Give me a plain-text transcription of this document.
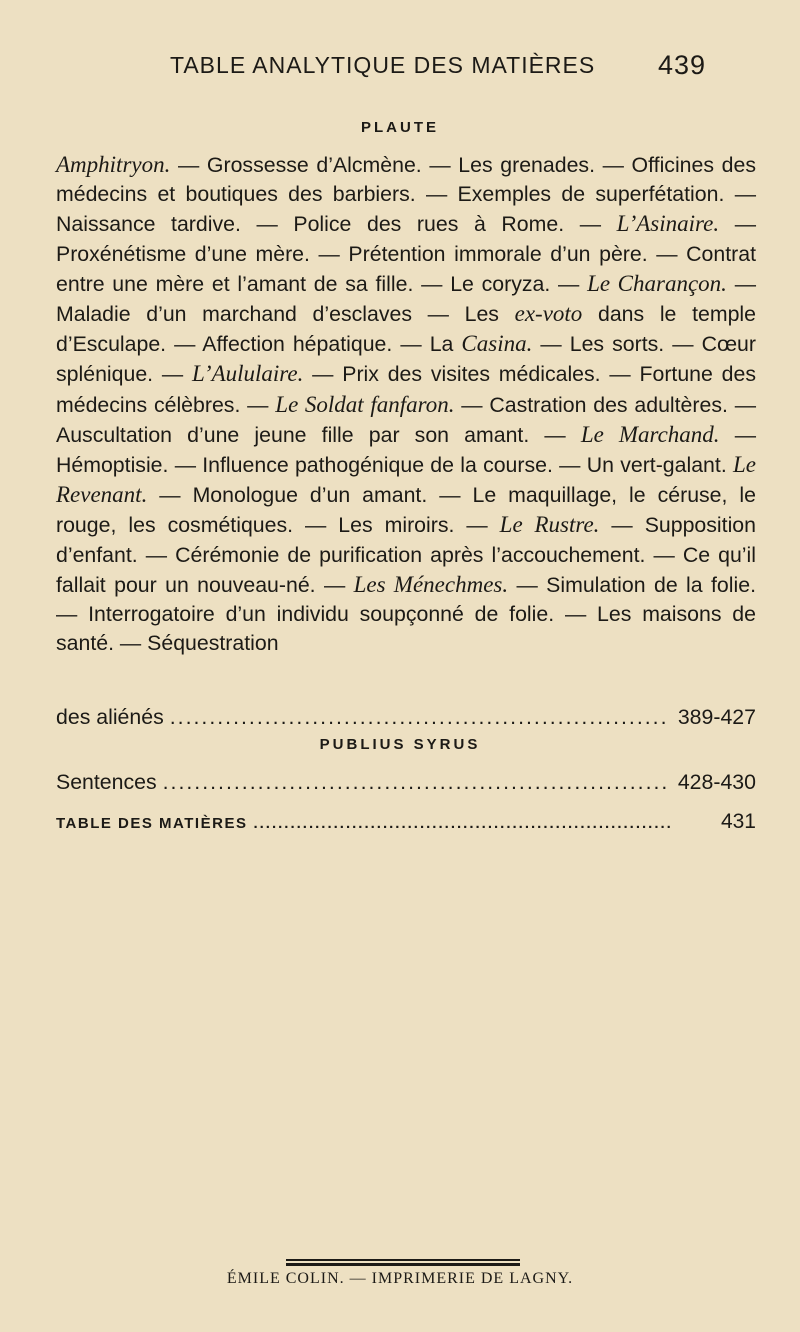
TABLE ANALYTIQUE DES MATIÈRES 439
PLAUTE
Amphitryon. — Grossesse d’Alcmène. — Les grenades. — Officines des médecins et boutiques des barbiers. — Exemples de superfétation. — Naissance tardive. — Police des rues à Rome. — L’Asinaire. — Proxénétisme d’une mère. — Prétention immorale d’un père. — Contrat entre une mère et l’amant de sa fille. — Le coryza. — Le Charançon. — Maladie d’un marchand d’esclaves — Les ex-voto dans le temple d’Esculape. — Affection hépatique. — La Casina. — Les sorts. — Cœur splénique. — L’Aululaire. — Prix des visites médicales. — Fortune des médecins célèbres. — Le Soldat fanfaron. — Castration des adultères. — Auscultation d’une jeune fille par son amant. — Le Marchand. — Hémoptisie. — Influence pathogénique de la course. — Un vert-galant. Le Revenant. — Monologue d’un amant. — Le maquillage, le céruse, le rouge, les cosmétiques. — Les miroirs. — Le Rustre. — Supposition d’enfant. — Cérémonie de purification après l’accouchement. — Ce qu’il fallait pour un nouveau-né. — Les Ménechmes. — Simulation de la folie. — Interrogatoire d’un individu soupçonné de folie. — Les maisons de santé. — Séquestration
des aliénés .....	389-427
PUBLIUS SYRUS
Sentences .....	428-430
TABLE DES MATIÈRES .....	431
ÉMILE COLIN. — IMPRIMERIE DE LAGNY.
